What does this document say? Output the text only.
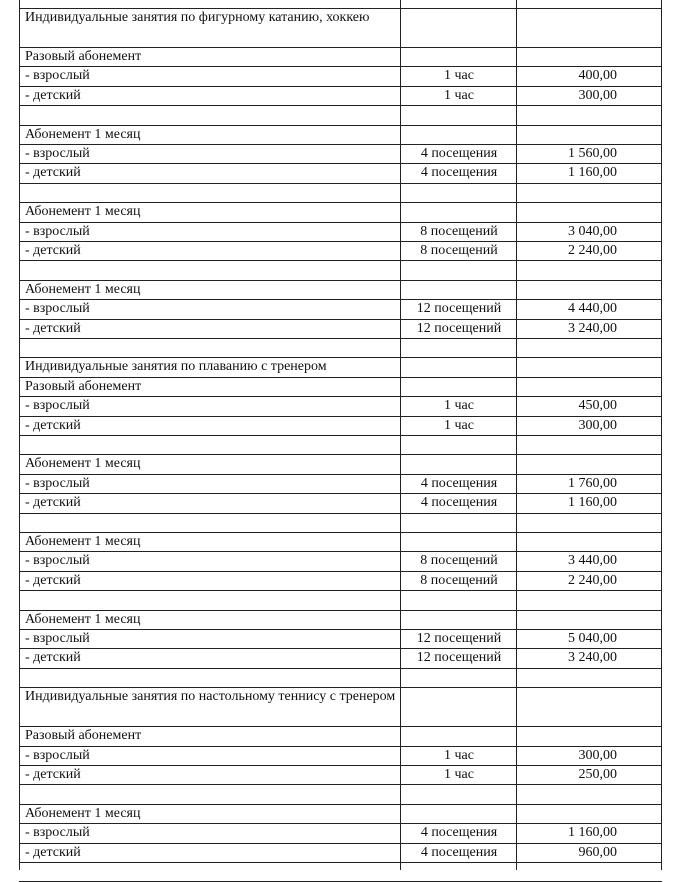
Индивидуальные занятия по фигурному катанию, хоккею
Разовый абонемент
- взрослый	1 час	400,00
- детский	1 час	300,00
Абонемент 1 месяц
- взрослый	4 посещения	1 560,00
- детский	4 посещения	1 160,00
Абонемент 1 месяц
- взрослый	8 посещений	3 040,00
- детский	8 посещений	2 240,00
Абонемент 1 месяц
- взрослый	12 посещений	4 440,00
- детский	12 посещений	3 240,00
Индивидуальные занятия по плаванию с тренером
Разовый абонемент
- взрослый	1 час	450,00
- детский	1 час	300,00
Абонемент 1 месяц
- взрослый	4 посещения	1 760,00
- детский	4 посещения	1 160,00
Абонемент 1 месяц
- взрослый	8 посещений	3 440,00
- детский	8 посещений	2 240,00
Абонемент 1 месяц
- взрослый	12 посещений	5 040,00
- детский	12 посещений	3 240,00
Индивидуальные занятия по настольному теннису с тренером
Разовый абонемент
- взрослый	1 час	300,00
- детский	1 час	250,00
Абонемент 1 месяц
- взрослый	4 посещения	1 160,00
- детский	4 посещения	960,00
